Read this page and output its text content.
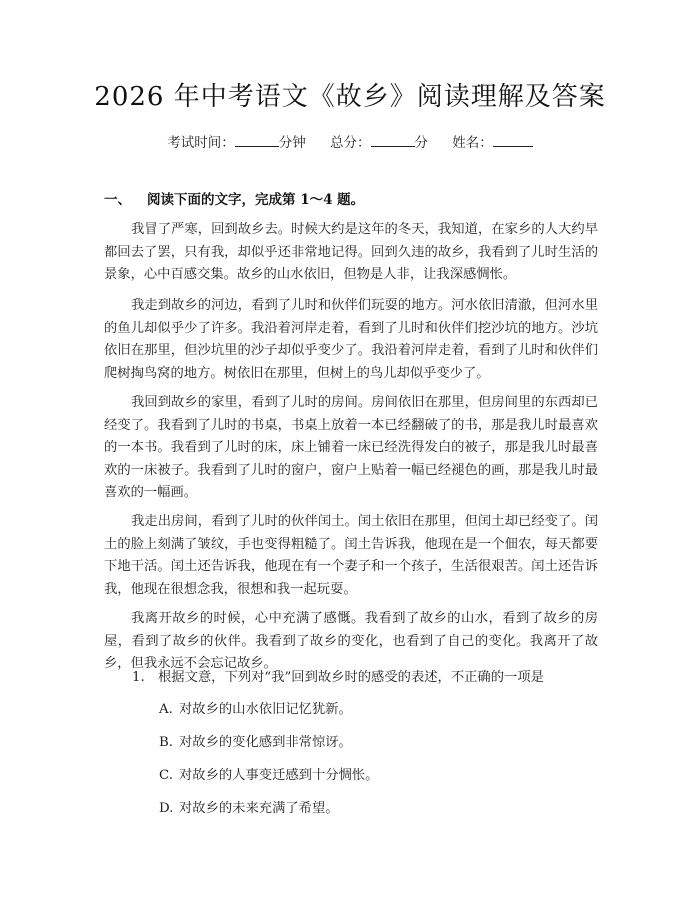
2026 年中考语文《故乡》阅读理解及答案
考试时间：	分钟 总分：	分 姓名：
一、 阅读下面的文字，完成第 1～4 题。

我冒了严寒，回到故乡去。时候大约是这年的冬天，我知道，在家乡的人大约早都回去了罢，只有我，却似乎还非常地记得。回到久违的故乡，我看到了儿时生活的景象，心中百感交集。故乡的山水依旧，但物是人非，让我深感惆怅。

我走到故乡的河边，看到了儿时和伙伴们玩耍的地方。河水依旧清澈，但河水里的鱼儿却似乎少了许多。我沿着河岸走着，看到了儿时和伙伴们挖沙坑的地方。沙坑依旧在那里，但沙坑里的沙子却似乎变少了。我沿着河岸走着，看到了儿时和伙伴们爬树掏鸟窝的地方。树依旧在那里，但树上的鸟儿却似乎变少了。

我回到故乡的家里，看到了儿时的房间。房间依旧在那里，但房间里的东西却已经变了。我看到了儿时的书桌，书桌上放着一本已经翻破了的书，那是我儿时最喜欢的一本书。我看到了儿时的床，床上铺着一床已经洗得发白的被子，那是我儿时最喜欢的一床被子。我看到了儿时的窗户，窗户上贴着一幅已经褪色的画，那是我儿时最喜欢的一幅画。

我走出房间，看到了儿时的伙伴闰土。闰土依旧在那里，但闰土却已经变了。闰土的脸上刻满了皱纹，手也变得粗糙了。闰土告诉我，他现在是一个佃农，每天都要下地干活。闰土还告诉我，他现在有一个妻子和一个孩子，生活很艰苦。闰土还告诉我，他现在很想念我，很想和我一起玩耍。

我离开故乡的时候，心中充满了感慨。我看到了故乡的山水，看到了故乡的房屋，看到了故乡的伙伴。我看到了故乡的变化，也看到了自己的变化。我离开了故乡，但我永远不会忘记故乡。

1. 根据文意，下列对“我”回到故乡时的感受的表述，不正确的一项是
A. 对故乡的山水依旧记忆犹新。
B. 对故乡的变化感到非常惊讶。
C. 对故乡的人事变迁感到十分惆怅。
D. 对故乡的未来充满了希望。
